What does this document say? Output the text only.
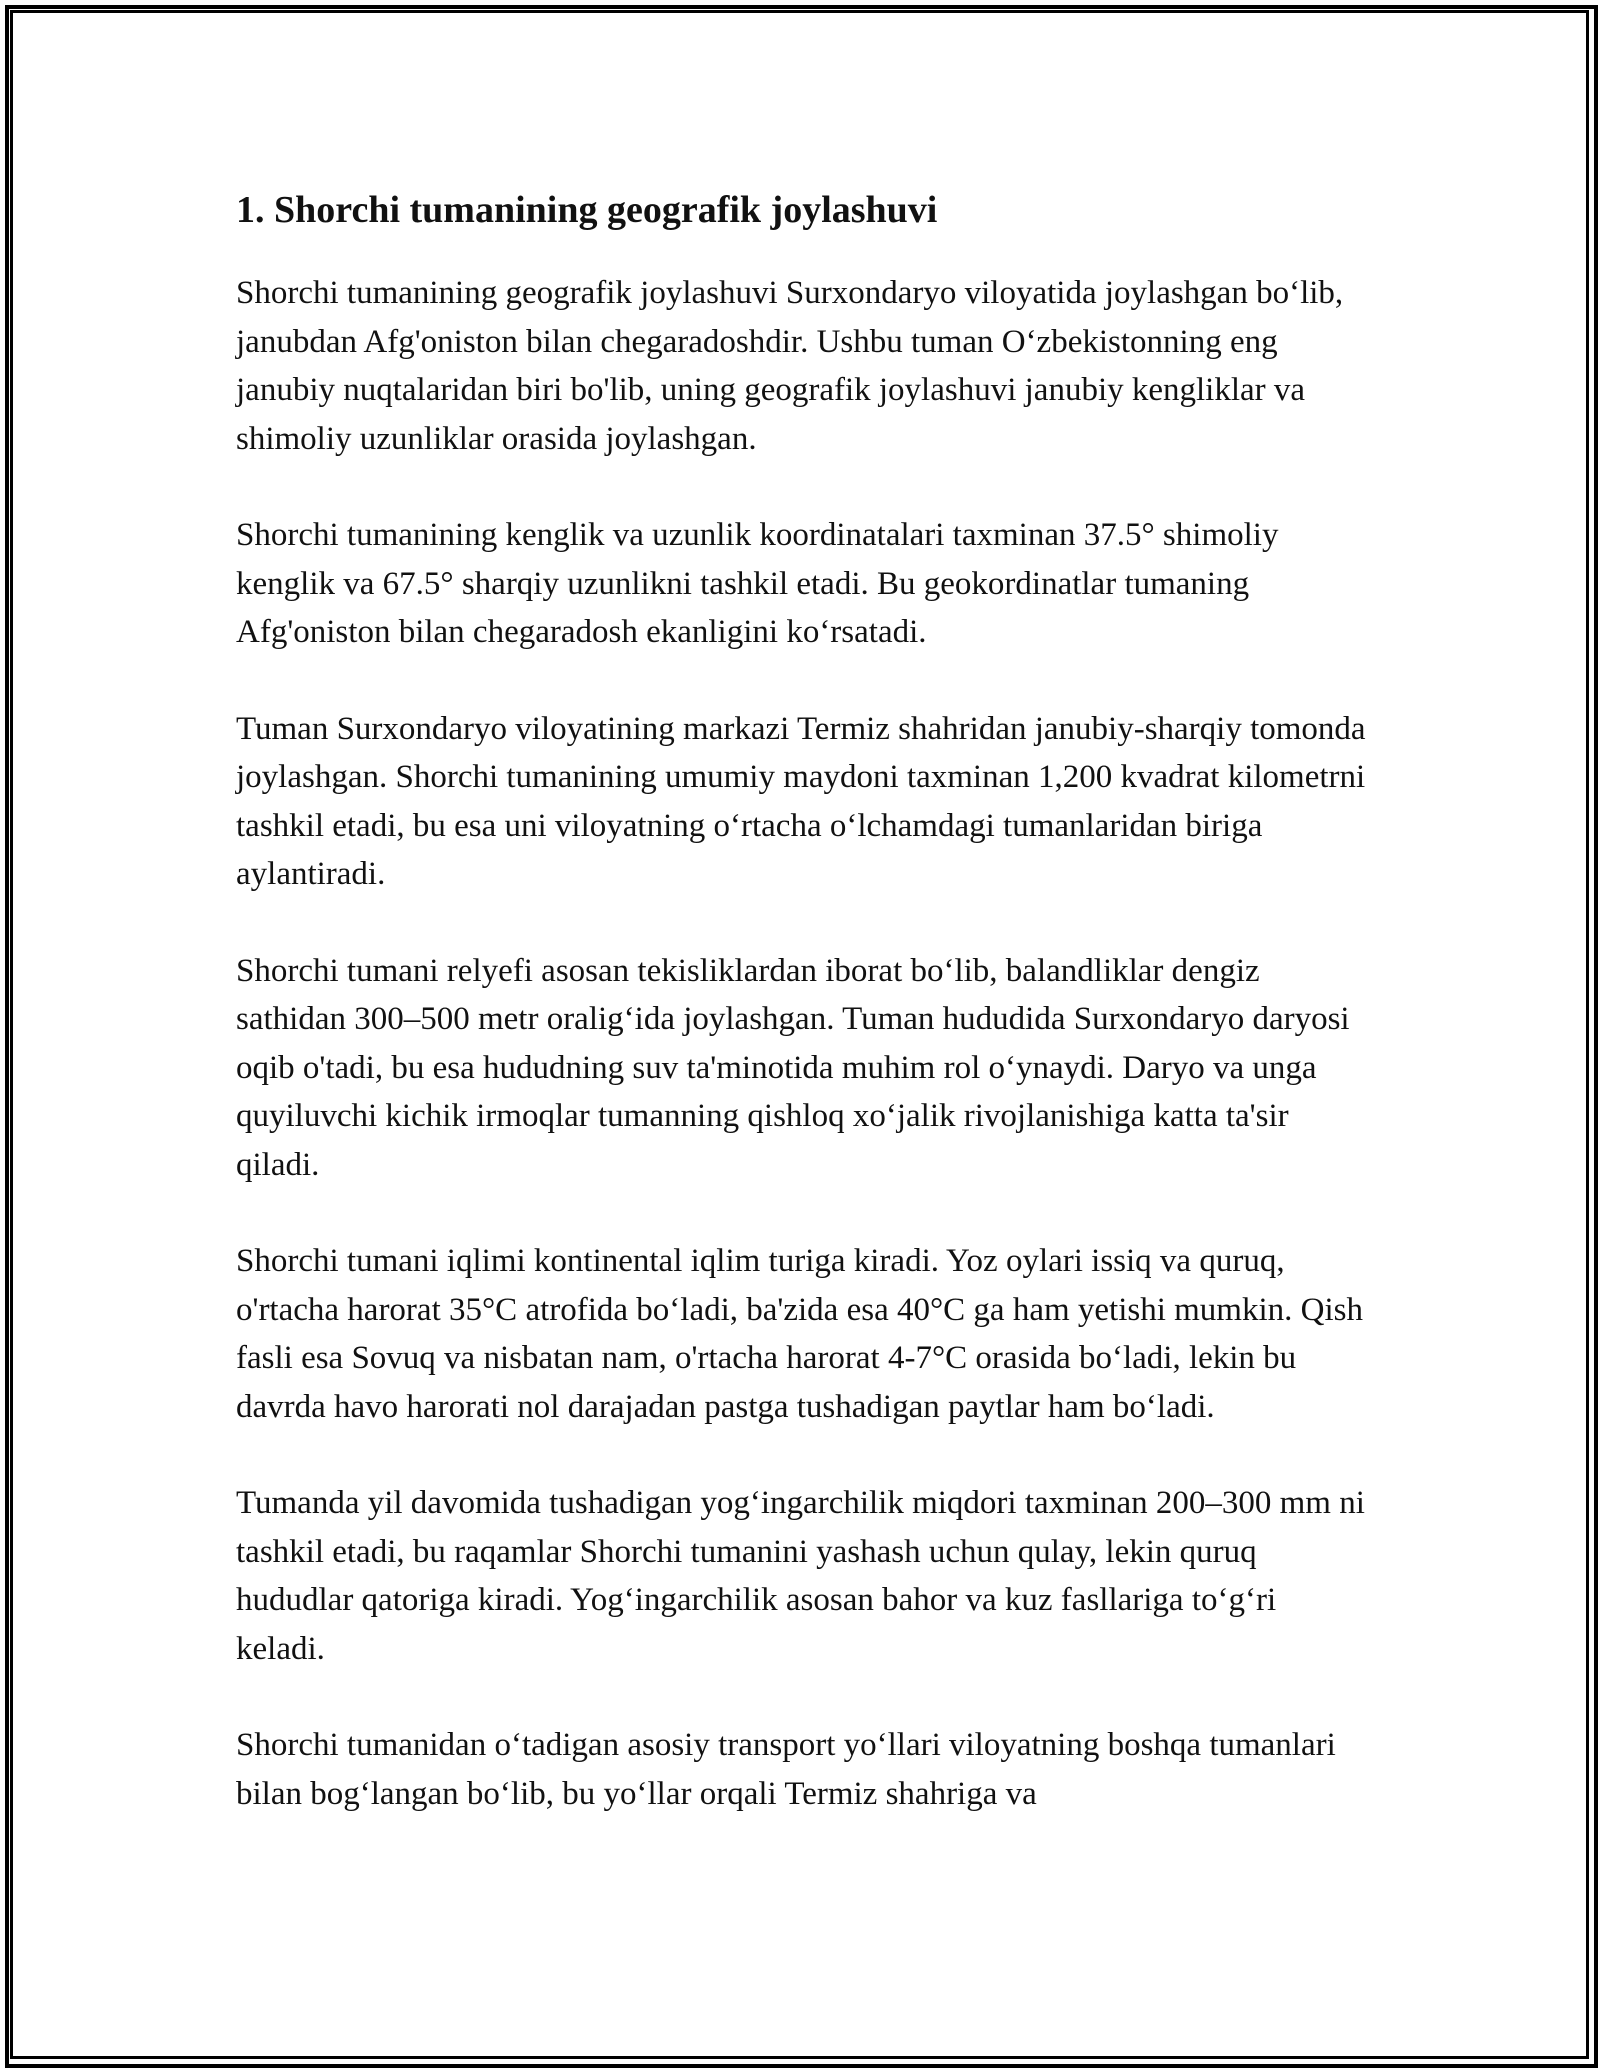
1. Shorchi tumanining geografik joylashuvi

Shorchi tumanining geografik joylashuvi Surxondaryo viloyatida joylashgan bo‘lib, janubdan Afg'oniston bilan chegaradoshdir. Ushbu tuman O‘zbekistonning eng janubiy nuqtalaridan biri bo'lib, uning geografik joylashuvi janubiy kengliklar va shimoliy uzunliklar orasida joylashgan.

Shorchi tumanining kenglik va uzunlik koordinatalari taxminan 37.5° shimoliy kenglik va 67.5° sharqiy uzunlikni tashkil etadi. Bu geokordinatlar tumaning Afg'oniston bilan chegaradosh ekanligini ko‘rsatadi.

Tuman Surxondaryo viloyatining markazi Termiz shahridan janubiy-sharqiy tomonda joylashgan. Shorchi tumanining umumiy maydoni taxminan 1,200 kvadrat kilometrni tashkil etadi, bu esa uni viloyatning o‘rtacha o‘lchamdagi tumanlaridan biriga aylantiradi.

Shorchi tumani relyefi asosan tekisliklardan iborat bo‘lib, balandliklar dengiz sathidan 300–500 metr oralig‘ida joylashgan. Tuman hududida Surxondaryo daryosi oqib o'tadi, bu esa hududning suv ta'minotida muhim rol o‘ynaydi. Daryo va unga quyiluvchi kichik irmoqlar tumanning qishloq xo‘jalik rivojlanishiga katta ta'sir qiladi.

Shorchi tumani iqlimi kontinental iqlim turiga kiradi. Yoz oylari issiq va quruq, o'rtacha harorat 35°C atrofida bo‘ladi, ba'zida esa 40°C ga ham yetishi mumkin. Qish fasli esa Sovuq va nisbatan nam, o'rtacha harorat 4-7°C orasida bo‘ladi, lekin bu davrda havo harorati nol darajadan pastga tushadigan paytlar ham bo‘ladi.

Tumanda yil davomida tushadigan yog‘ingarchilik miqdori taxminan 200–300 mm ni tashkil etadi, bu raqamlar Shorchi tumanini yashash uchun qulay, lekin quruq hududlar qatoriga kiradi. Yog‘ingarchilik asosan bahor va kuz fasllariga to‘g‘ri keladi.

Shorchi tumanidan o‘tadigan asosiy transport yo‘llari viloyatning boshqa tumanlari bilan bog‘langan bo‘lib, bu yo‘llar orqali Termiz shahriga va
